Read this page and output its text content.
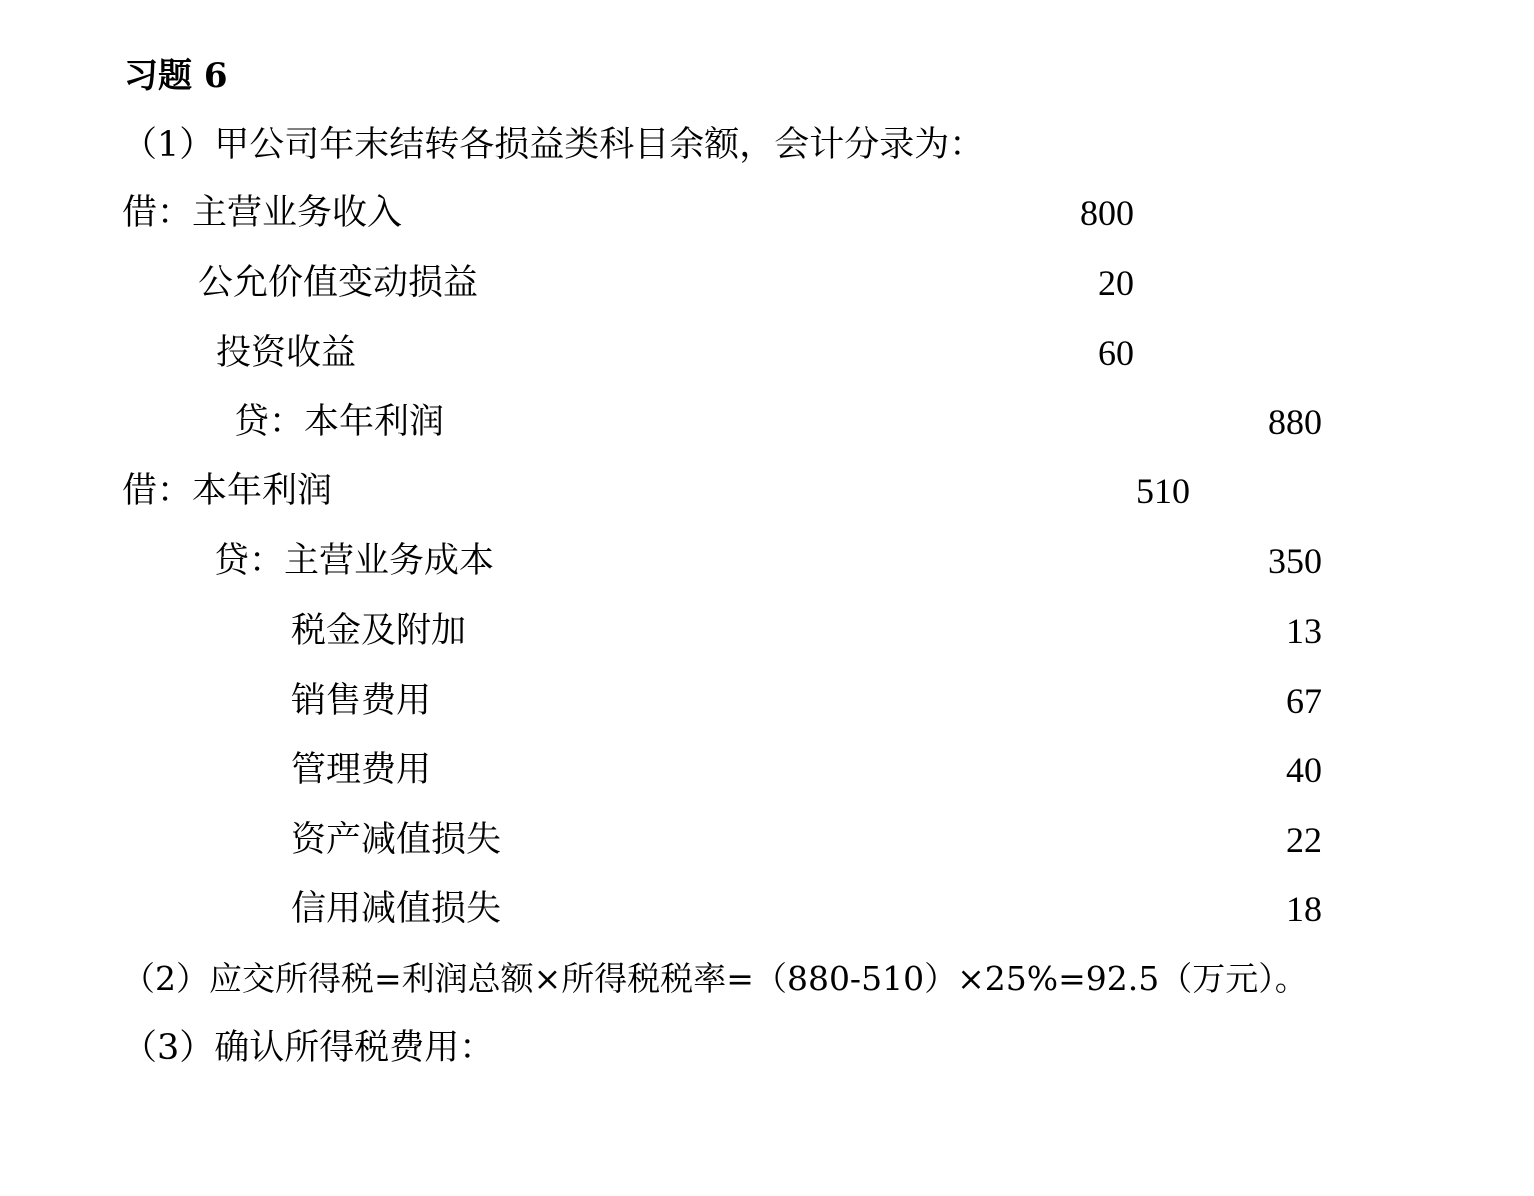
习题 6
（1）甲公司年末结转各损益类科目余额，会计分录为：
借：主营业务收入	800
公允价值变动损益	20
投资收益	60
贷：本年利润	880
借：本年利润	510
贷：主营业务成本	350
税金及附加	13
销售费用	67
管理费用	40
资产减值损失	22
信用减值损失	18
（2）应交所得税=利润总额×所得税税率=（880-510）×25%=92.5（万元）。
（3）确认所得税费用：
